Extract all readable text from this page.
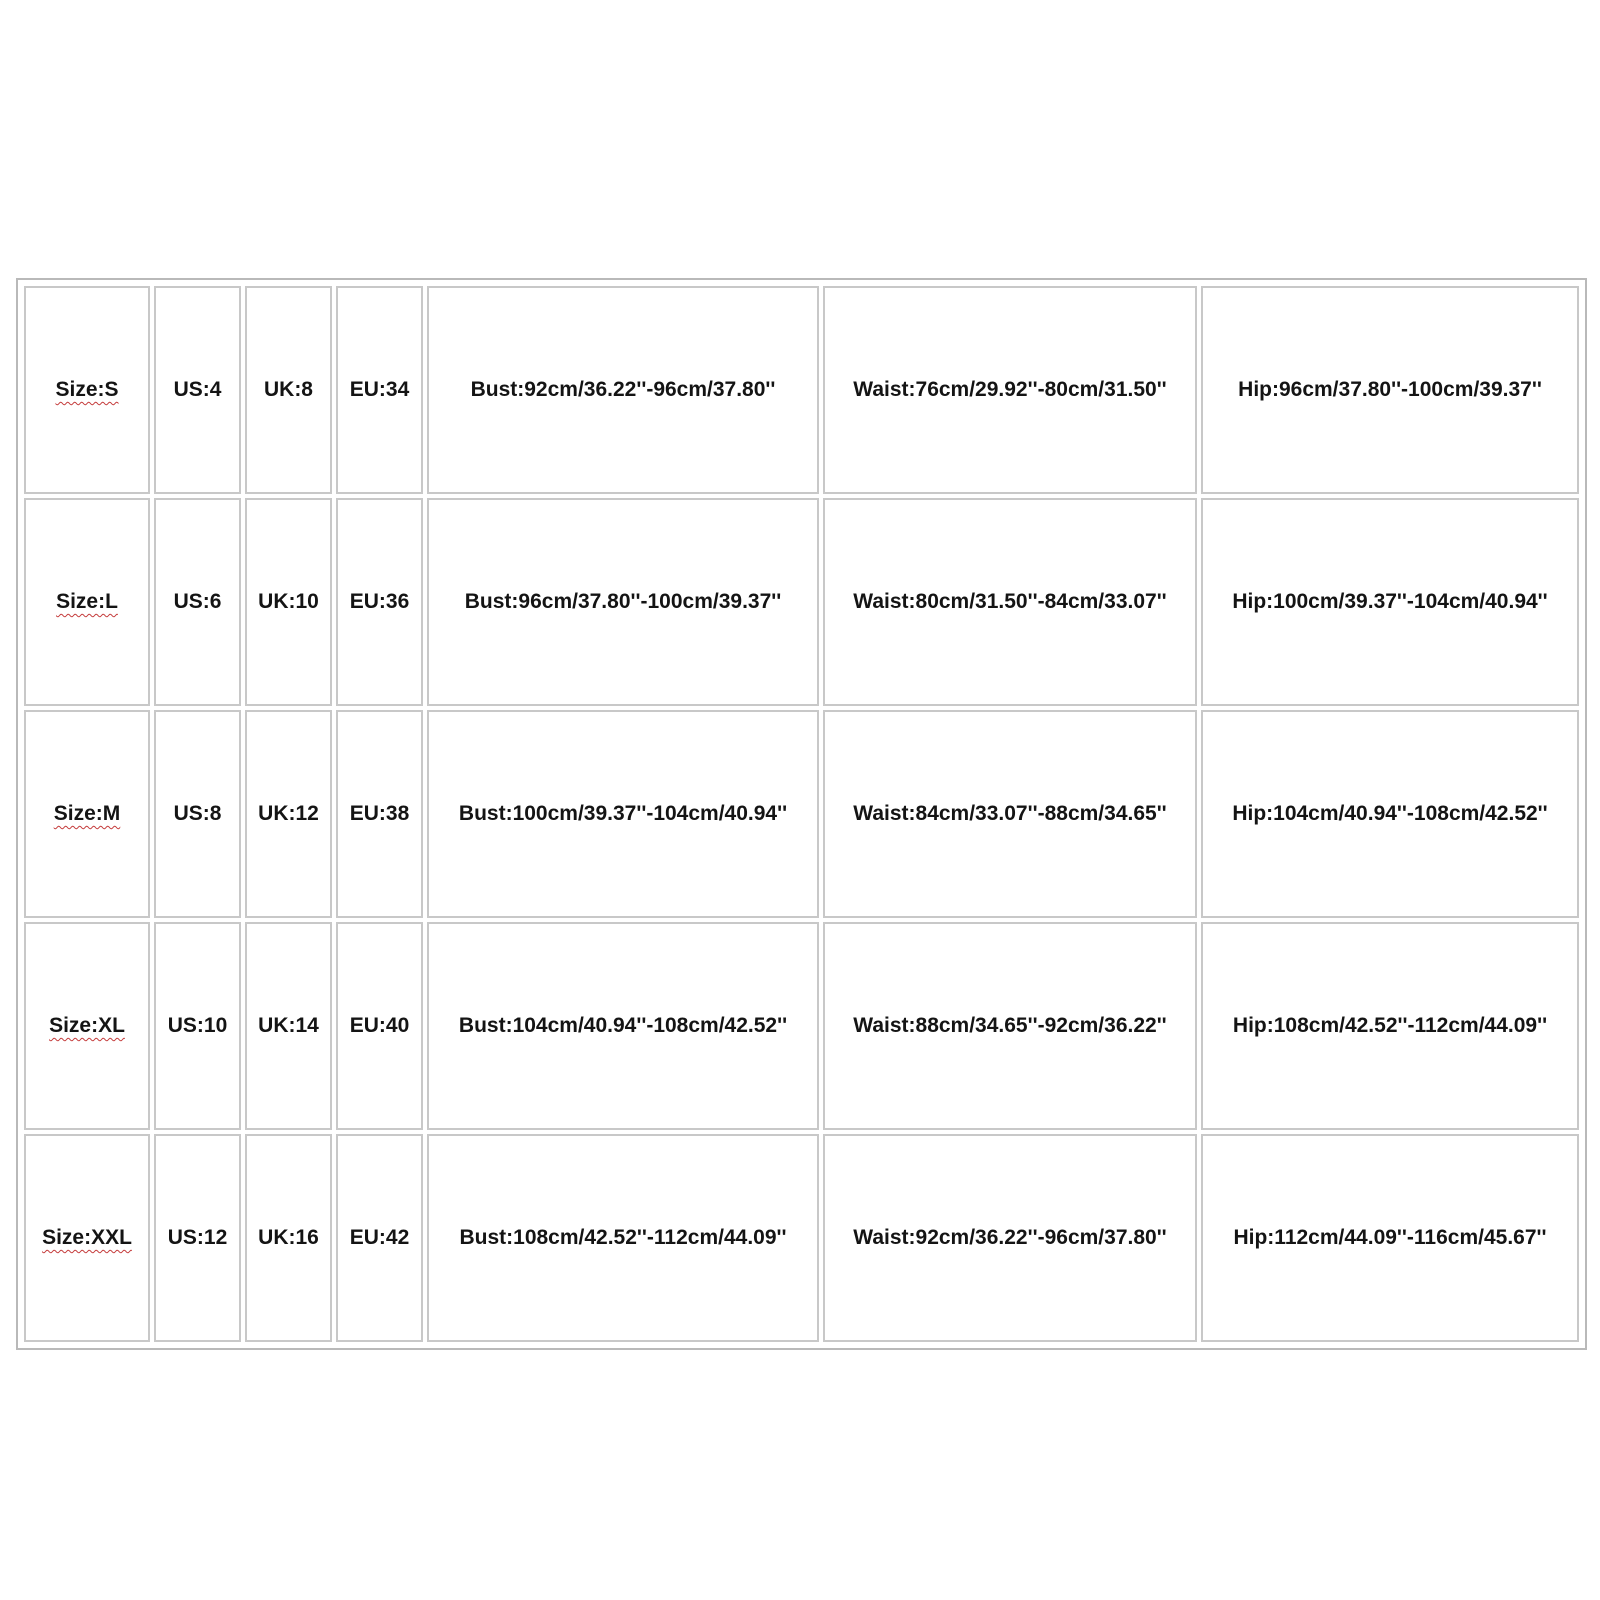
Size:S	US:4	UK:8	EU:34	Bust:92cm/36.22''-96cm/37.80''	Waist:76cm/29.92''-80cm/31.50''	Hip:96cm/37.80''-100cm/39.37''
Size:L	US:6	UK:10	EU:36	Bust:96cm/37.80''-100cm/39.37''	Waist:80cm/31.50''-84cm/33.07''	Hip:100cm/39.37''-104cm/40.94''
Size:M	US:8	UK:12	EU:38	Bust:100cm/39.37''-104cm/40.94''	Waist:84cm/33.07''-88cm/34.65''	Hip:104cm/40.94''-108cm/42.52''
Size:XL	US:10	UK:14	EU:40	Bust:104cm/40.94''-108cm/42.52''	Waist:88cm/34.65''-92cm/36.22''	Hip:108cm/42.52''-112cm/44.09''
Size:XXL	US:12	UK:16	EU:42	Bust:108cm/42.52''-112cm/44.09''	Waist:92cm/36.22''-96cm/37.80''	Hip:112cm/44.09''-116cm/45.67''
